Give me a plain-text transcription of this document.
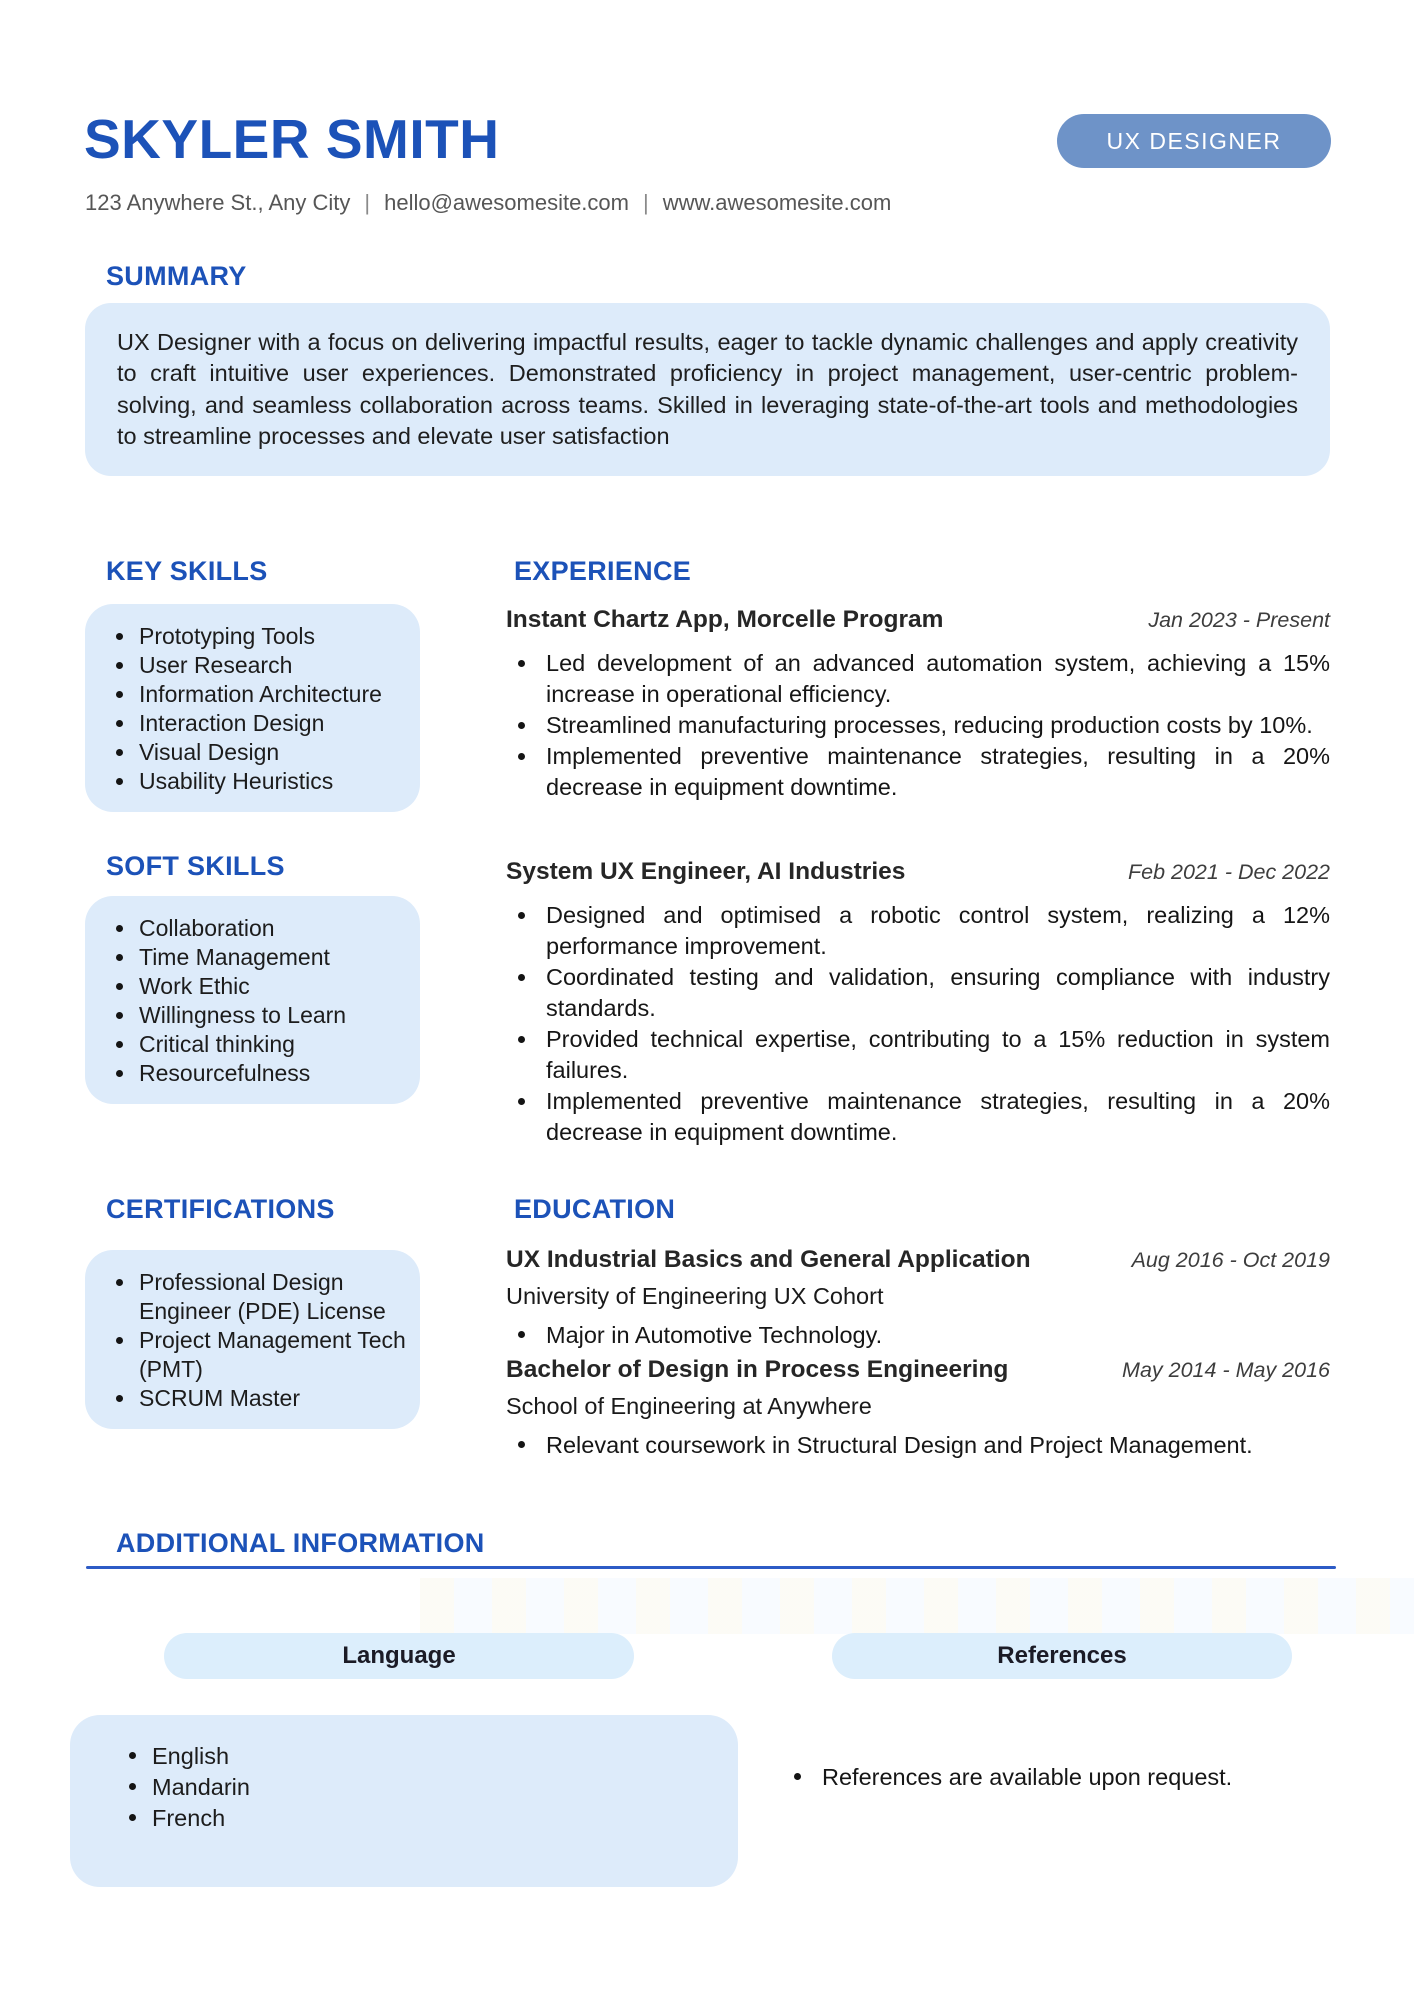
SKYLER SMITH
123 Anywhere St., Any City | hello@awesomesite.com | www.awesomesite.com
UX DESIGNER
SUMMARY
UX Designer with a focus on delivering impactful results, eager to tackle dynamic challenges and apply creativity to craft intuitive user experiences. Demonstrated proficiency in project management, user-centric problem-solving, and seamless collaboration across teams. Skilled in leveraging state-of-the-art tools and methodologies to streamline processes and elevate user satisfaction
KEY SKILLS
Prototyping Tools
User Research
Information Architecture
Interaction Design
Visual Design
Usability Heuristics
SOFT SKILLS
Collaboration
Time Management
Work Ethic
Willingness to Learn
Critical thinking
Resourcefulness
CERTIFICATIONS
Professional Design Engineer (PDE) License
Project Management Tech (PMT)
SCRUM Master
EXPERIENCE
Instant Chartz App, Morcelle Program	Jan 2023 - Present
Led development of an advanced automation system, achieving a 15% increase in operational efficiency.
Streamlined manufacturing processes, reducing production costs by 10%.
Implemented preventive maintenance strategies, resulting in a 20% decrease in equipment downtime.
System UX Engineer, AI Industries	Feb 2021 - Dec 2022
Designed and optimised a robotic control system, realizing a 12% performance improvement.
Coordinated testing and validation, ensuring compliance with industry standards.
Provided technical expertise, contributing to a 15% reduction in system failures.
Implemented preventive maintenance strategies, resulting in a 20% decrease in equipment downtime.
EDUCATION
UX Industrial Basics and General Application	Aug 2016 - Oct 2019
University of Engineering UX Cohort
Major in Automotive Technology.
Bachelor of Design in Process Engineering	May 2014 - May 2016
School of Engineering at Anywhere
Relevant coursework in Structural Design and Project Management.
ADDITIONAL INFORMATION
Language	References
English
Mandarin
French
References are available upon request.
